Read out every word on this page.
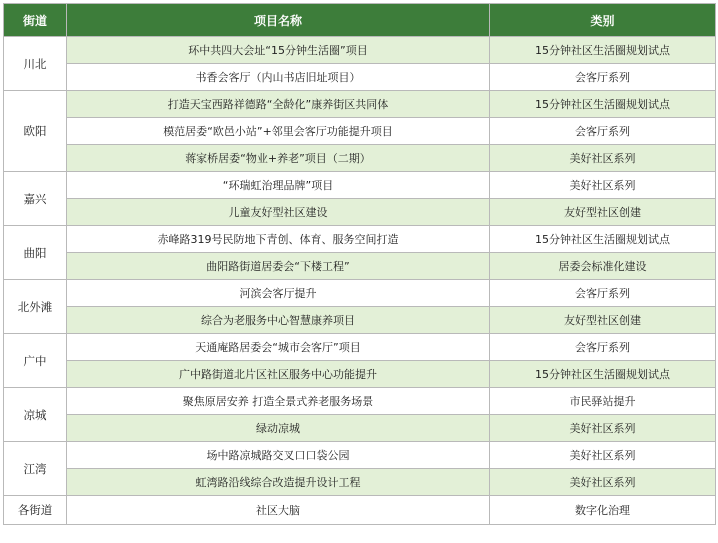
街道	项目名称	类别
川北	环中共四大会址“15分钟生活圈”项目	15分钟社区生活圈规划试点
	书香会客厅（内山书店旧址项目）	会客厅系列
欧阳	打造天宝西路祥德路“全龄化”康养街区共同体	15分钟社区生活圈规划试点
	模范居委“欧邑小站”+邻里会客厅功能提升项目	会客厅系列
	蒋家桥居委“物业+养老”项目（二期）	美好社区系列
嘉兴	“环瑞虹治理品牌”项目	美好社区系列
	儿童友好型社区建设	友好型社区创建
曲阳	赤峰路319号民防地下青创、体育、服务空间打造	15分钟社区生活圈规划试点
	曲阳路街道居委会“下楼工程”	居委会标准化建设
北外滩	河滨会客厅提升	会客厅系列
	综合为老服务中心智慧康养项目	友好型社区创建
广中	天通庵路居委会“城市会客厅”项目	会客厅系列
	广中路街道北片区社区服务中心功能提升	15分钟社区生活圈规划试点
凉城	聚焦原居安养 打造全景式养老服务场景	市民驿站提升
	绿动凉城	美好社区系列
江湾	场中路凉城路交叉口口袋公园	美好社区系列
	虹湾路沿线综合改造提升设计工程	美好社区系列
各街道	社区大脑	数字化治理
